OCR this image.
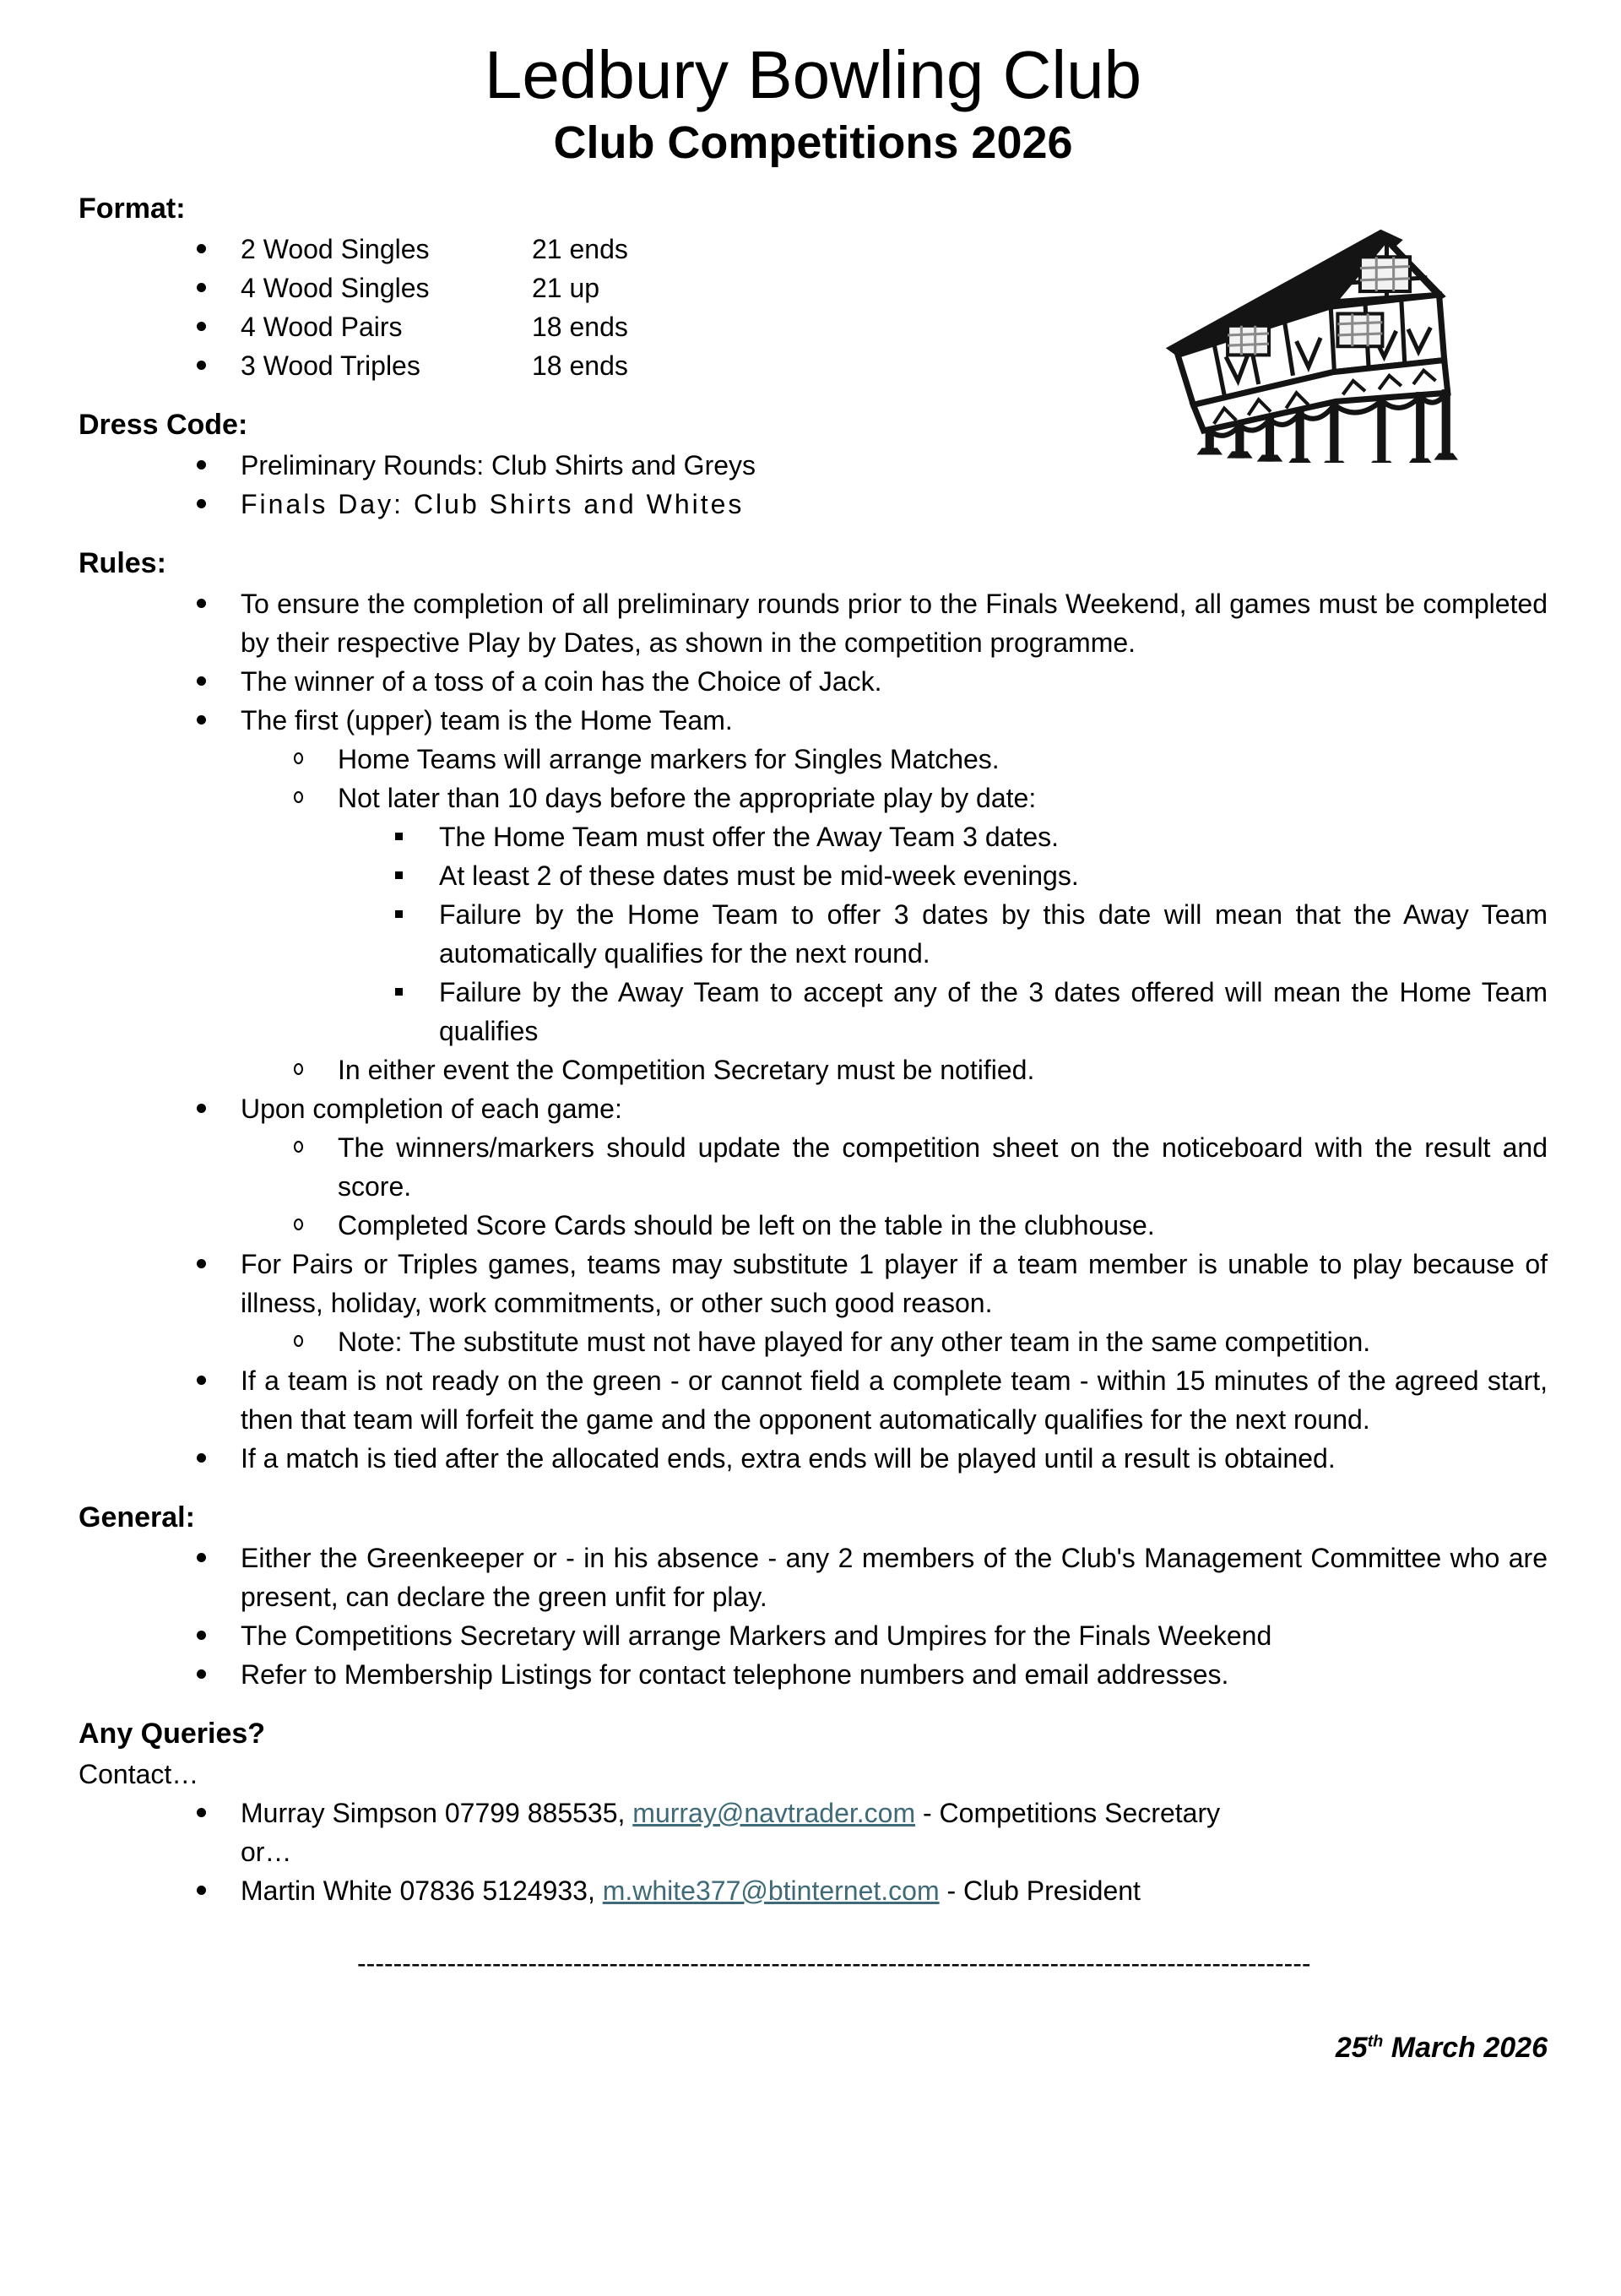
Ledbury Bowling Club
Club Competitions 2026
Format:
2 Wood Singles	21 ends
4 Wood Singles	21 up
4 Wood Pairs	18 ends
3 Wood Triples	18 ends
Dress Code:
Preliminary Rounds: Club Shirts and Greys
Finals Day: Club Shirts and Whites
Rules:
To ensure the completion of all preliminary rounds prior to the Finals Weekend, all games must be completed by their respective Play by Dates, as shown in the competition programme.
The winner of a toss of a coin has the Choice of Jack.
The first (upper) team is the Home Team.
Home Teams will arrange markers for Singles Matches.
Not later than 10 days before the appropriate play by date:
The Home Team must offer the Away Team 3 dates.
At least 2 of these dates must be mid-week evenings.
Failure by the Home Team to offer 3 dates by this date will mean that the Away Team automatically qualifies for the next round.
Failure by the Away Team to accept any of the 3 dates offered will mean the Home Team qualifies
In either event the Competition Secretary must be notified.
Upon completion of each game:
The winners/markers should update the competition sheet on the noticeboard with the result and score.
Completed Score Cards should be left on the table in the clubhouse.
For Pairs or Triples games, teams may substitute 1 player if a team member is unable to play because of illness, holiday, work commitments, or other such good reason.
Note: The substitute must not have played for any other team in the same competition.
If a team is not ready on the green - or cannot field a complete team - within 15 minutes of the agreed start, then that team will forfeit the game and the opponent automatically qualifies for the next round.
If a match is tied after the allocated ends, extra ends will be played until a result is obtained.
General:
Either the Greenkeeper or - in his absence - any 2 members of the Club's Management Committee who are present, can declare the green unfit for play.
The Competitions Secretary will arrange Markers and Umpires for the Finals Weekend
Refer to Membership Listings for contact telephone numbers and email addresses.
Any Queries?
Contact…
Murray Simpson 07799 885535, murray@navtrader.com - Competitions Secretary
or…
Martin White 07836 5124933, m.white377@btinternet.com - Club President
----------------------------------------------------------------------------------------------------------
25th March 2026
